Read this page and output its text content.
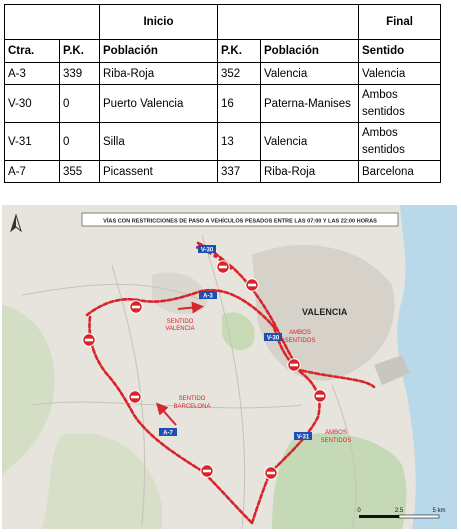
		Inicio			Final
Ctra.	P.K.	Población	P.K.	Población	Sentido
A-3	339	Riba-Roja	352	Valencia	Valencia
V-30	0	Puerto Valencia	16	Paterna-Manises	Ambos sentidos
V-31	0	Silla	13	Valencia	Ambos sentidos
A-7	355	Picassent	337	Riba-Roja	Barcelona
V-30
A-3
V-30
A-7
V-31
VÍAS CON RESTRICCIONES DE PASO A VEHÍCULOS PESADOS ENTRE LAS 07:00 Y LAS 22:00 HORAS
VALENCIA
SENTIDO
VALENCIA
SENTIDO
BARCELONA
AMBOS
SENTIDOS
AMBOS
SENTIDOS
0	2.5	5 km
